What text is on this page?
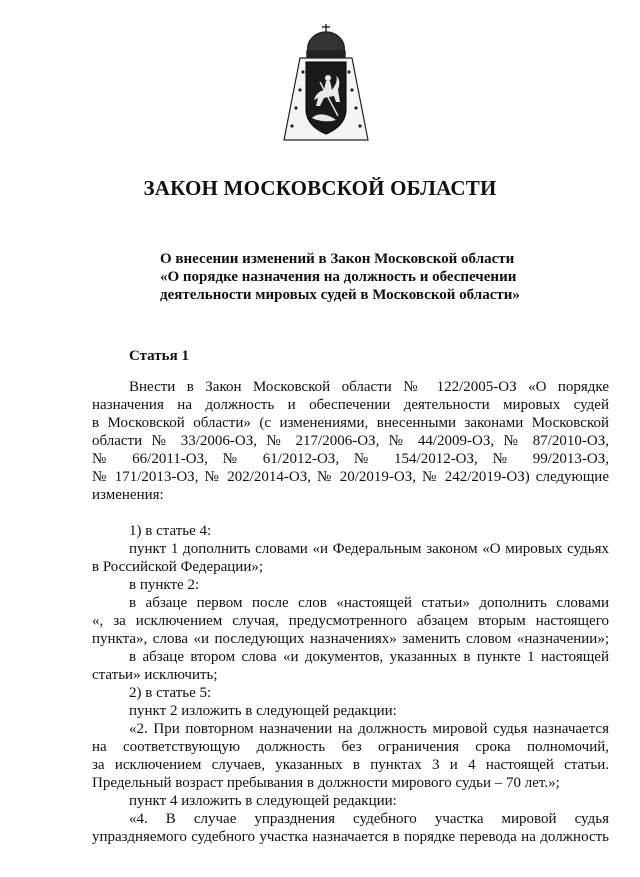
ЗАКОН МОСКОВСКОЙ ОБЛАСТИ
О внесении изменений в Закон Московской области
«О порядке назначения на должность и обеспечении
деятельности мировых судей в Московской области»
Статья 1
Внести в Закон Московской области № 122/2005-ОЗ «О порядке
назначения на должность и обеспечении деятельности мировых судей
в Московской области» (с изменениями, внесенными законами Московской
области № 33/2006-ОЗ, № 217/2006-ОЗ, № 44/2009-ОЗ, № 87/2010-ОЗ,
№ 66/2011-ОЗ, № 61/2012-ОЗ, № 154/2012-ОЗ, № 99/2013-ОЗ,
№ 171/2013-ОЗ, № 202/2014-ОЗ, № 20/2019-ОЗ, № 242/2019-ОЗ) следующие
изменения:
1) в статье 4:
пункт 1 дополнить словами «и Федеральным законом «О мировых судьях
в Российской Федерации»;
в пункте 2:
в абзаце первом после слов «настоящей статьи» дополнить словами
«, за исключением случая, предусмотренного абзацем вторым настоящего
пункта», слова «и последующих назначениях» заменить словом «назначении»;
в абзаце втором слова «и документов, указанных в пункте 1 настоящей
статьи» исключить;
2) в статье 5:
пункт 2 изложить в следующей редакции:
«2. При повторном назначении на должность мировой судья назначается
на соответствующую должность без ограничения срока полномочий,
за исключением случаев, указанных в пунктах 3 и 4 настоящей статьи.
Предельный возраст пребывания в должности мирового судьи – 70 лет.»;
пункт 4 изложить в следующей редакции:
«4. В случае упразднения судебного участка мировой судья
упраздняемого судебного участка назначается в порядке перевода на должность
